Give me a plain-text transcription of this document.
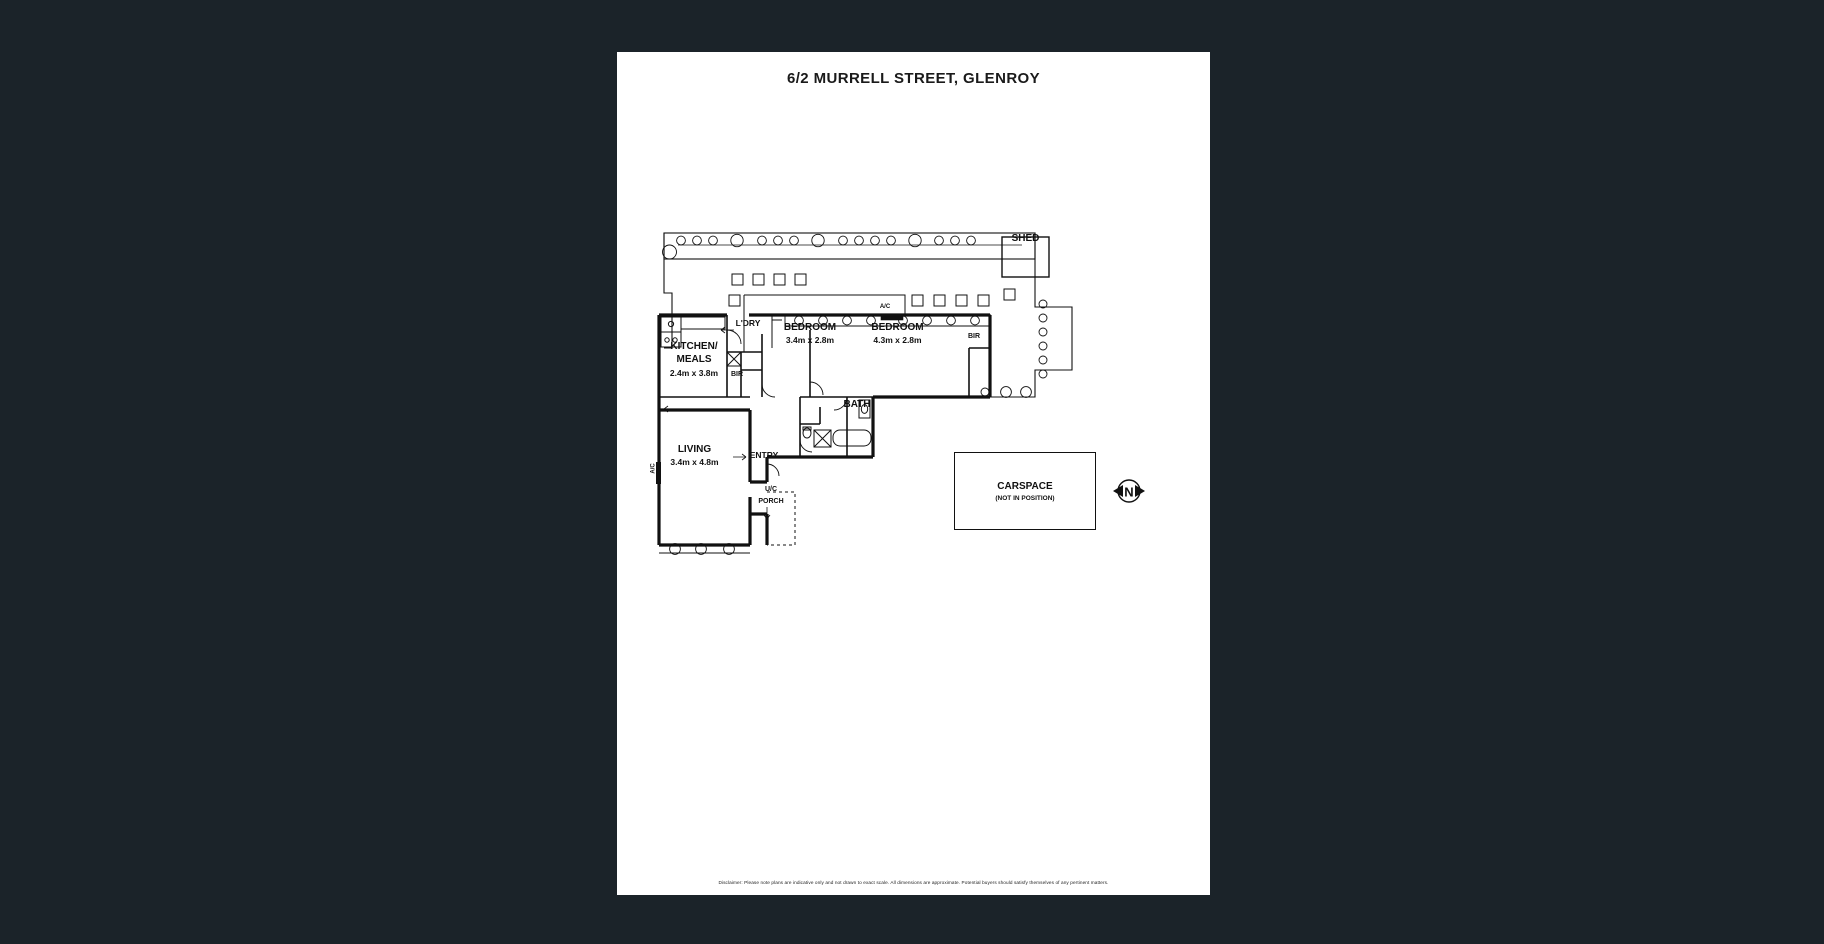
6/2 MURRELL STREET, GLENROY
KITCHEN/
MEALS
2.4m x 3.8m
LIVING
3.4m x 4.8m
BEDROOM
3.4m x 2.8m
BEDROOM
4.3m x 2.8m
BATH
L'DRY
ENTRY
SHED
BIR
BIR
A/C
A/C
U/C
PORCH
CARSPACE
(NOT IN POSITION)	N
Disclaimer: Please note plans are indicative only and not drawn to exact scale. All dimensions are approximate. Potential buyers should satisfy themselves of any pertinent matters.
